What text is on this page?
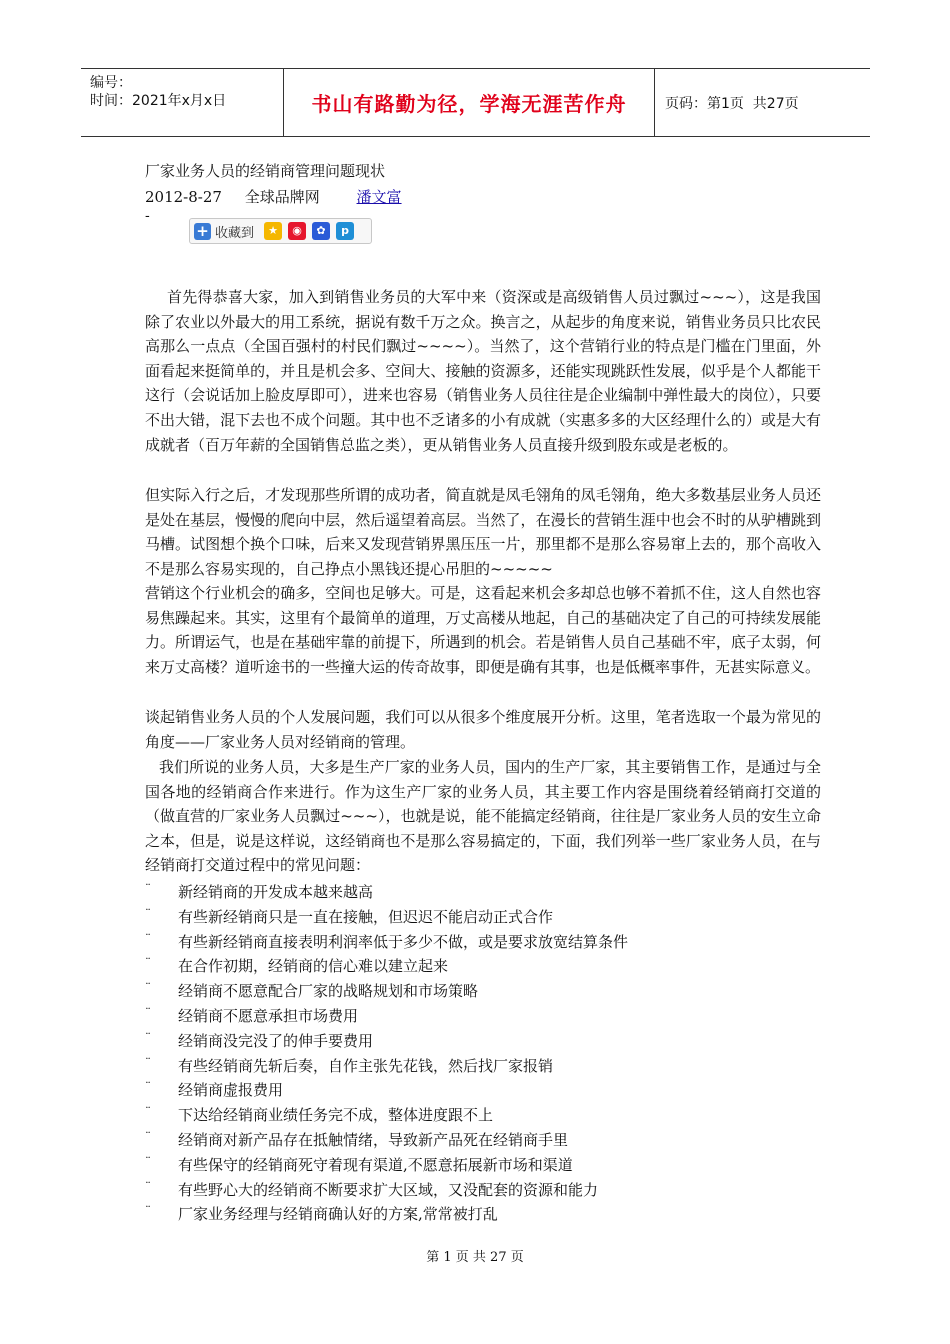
编号：
时间：2021年x月x日	书山有路勤为径，学海无涯苦作舟	页码：第1页  共27页
厂家业务人员的经销商管理问题现状
2012-8-27 全球品牌网 潘文富
-
+ 收藏到	★	◉	✿	p

首先得恭喜大家，加入到销售业务员的大军中来（资深或是高级销售人员过飘过~~~），这是我国除了农业以外最大的用工系统，据说有数千万之众。换言之，从起步的角度来说，销售业务员只比农民高那么一点点（全国百强村的村民们飘过~~~~）。当然了，这个营销行业的特点是门槛在门里面，外面看起来挺简单的，并且是机会多、空间大、接触的资源多，还能实现跳跃性发展，似乎是个人都能干这行（会说话加上脸皮厚即可），进来也容易（销售业务人员往往是企业编制中弹性最大的岗位），只要不出大错，混下去也不成个问题。其中也不乏诸多的小有成就（实惠多多的大区经理什么的）或是大有成就者（百万年薪的全国销售总监之类），更从销售业务人员直接升级到股东或是老板的。

但实际入行之后，才发现那些所谓的成功者，简直就是凤毛翎角的凤毛翎角，绝大多数基层业务人员还是处在基层，慢慢的爬向中层，然后遥望着高层。当然了，在漫长的营销生涯中也会不时的从驴槽跳到马槽。试图想个换个口味，后来又发现营销界黑压压一片，那里都不是那么容易窜上去的，那个高收入不是那么容易实现的，自己挣点小黑钱还提心吊胆的~~~~~

营销这个行业机会的确多，空间也足够大。可是，这看起来机会多却总也够不着抓不住，这人自然也容易焦躁起来。其实，这里有个最简单的道理，万丈高楼从地起，自己的基础决定了自己的可持续发展能力。所谓运气，也是在基础牢靠的前提下，所遇到的机会。若是销售人员自己基础不牢，底子太弱，何来万丈高楼？道听途书的一些撞大运的传奇故事，即便是确有其事，也是低概率事件，无甚实际意义。

谈起销售业务人员的个人发展问题，我们可以从很多个维度展开分析。这里，笔者选取一个最为常见的角度——厂家业务人员对经销商的管理。

我们所说的业务人员，大多是生产厂家的业务人员，国内的生产厂家，其主要销售工作，是通过与全国各地的经销商合作来进行。作为这生产厂家的业务人员，其主要工作内容是围绕着经销商打交道的（做直营的厂家业务人员飘过~~~），也就是说，能不能搞定经销商，往往是厂家业务人员的安生立命之本，但是，说是这样说，这经销商也不是那么容易搞定的，下面，我们列举一些厂家业务人员，在与经销商打交道过程中的常见问题：

¨ 新经销商的开发成本越来越高
¨ 有些新经销商只是一直在接触，但迟迟不能启动正式合作
¨ 有些新经销商直接表明利润率低于多少不做，或是要求放宽结算条件
¨ 在合作初期，经销商的信心难以建立起来
¨ 经销商不愿意配合厂家的战略规划和市场策略
¨ 经销商不愿意承担市场费用
¨ 经销商没完没了的伸手要费用
¨ 有些经销商先斩后奏，自作主张先花钱，然后找厂家报销
¨ 经销商虚报费用
¨ 下达给经销商业绩任务完不成，整体进度跟不上
¨ 经销商对新产品存在抵触情绪，导致新产品死在经销商手里
¨ 有些保守的经销商死守着现有渠道,不愿意拓展新市场和渠道
¨ 有些野心大的经销商不断要求扩大区域，又没配套的资源和能力
¨ 厂家业务经理与经销商确认好的方案,常常被打乱
第 1 页 共 27 页
